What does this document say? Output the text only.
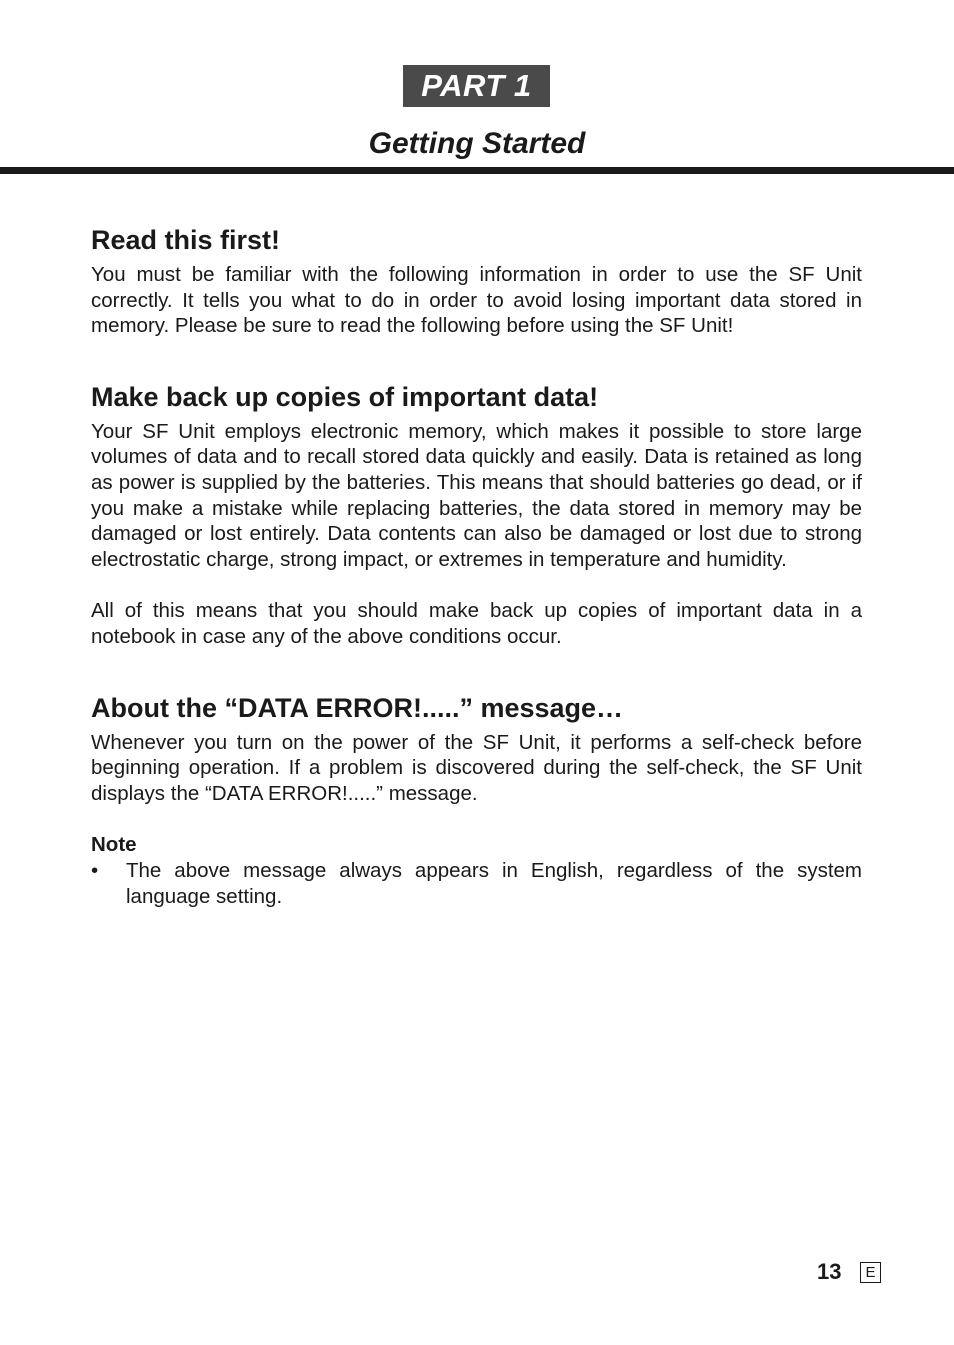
PART 1
Getting Started
Read this first!

You must be familiar with the following information in order to use the SF Unit correctly. It tells you what to do in order to avoid losing important data stored in memory. Please be sure to read the following before using the SF Unit!

Make back up copies of important data!

Your SF Unit employs electronic memory, which makes it possible to store large volumes of data and to recall stored data quickly and easily. Data is retained as long as power is supplied by the batteries. This means that should batteries go dead, or if you make a mistake while replacing batteries, the data stored in memory may be damaged or lost entirely. Data contents can also be damaged or lost due to strong electrostatic charge, strong impact, or extremes in temperature and humidity.

All of this means that you should make back up copies of important data in a notebook in case any of the above conditions occur.

About the “DATA ERROR!.....” message…

Whenever you turn on the power of the SF Unit, it performs a self-check before beginning operation. If a problem is discovered during the self-check, the SF Unit displays the “DATA ERROR!.....” message.

Note
•	The above message always appears in English, regardless of the system language setting.
13	E
